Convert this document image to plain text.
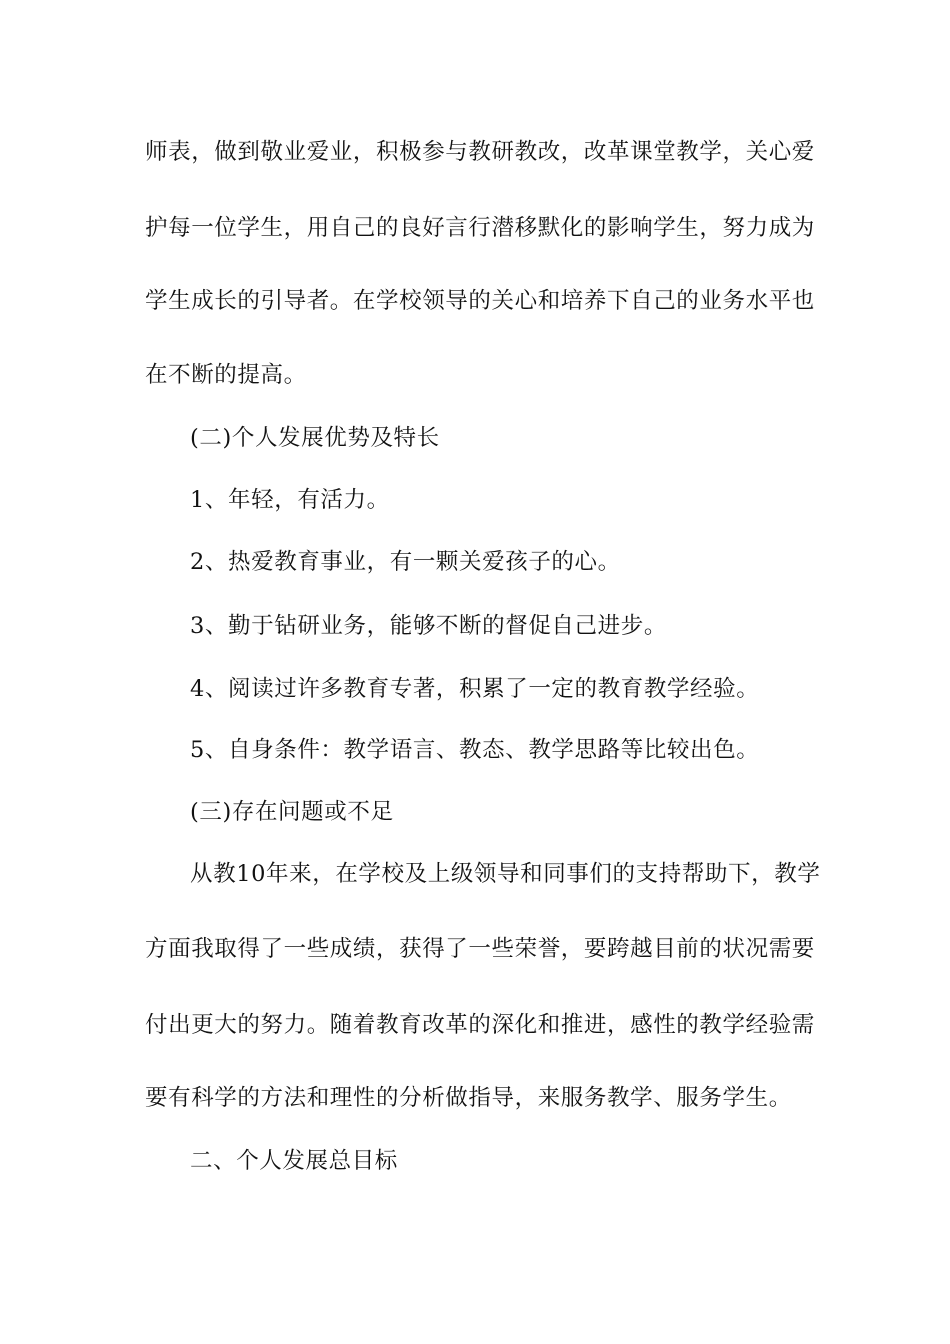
师表，做到敬业爱业，积极参与教研教改，改革课堂教学，关心爱
护每一位学生，用自己的良好言行潜移默化的影响学生，努力成为
学生成长的引导者。在学校领导的关心和培养下自己的业务水平也
在不断的提高。
(二)个人发展优势及特长
1、年轻，有活力。
2、热爱教育事业，有一颗关爱孩子的心。
3、勤于钻研业务，能够不断的督促自己进步。
4、阅读过许多教育专著，积累了一定的教育教学经验。
5、自身条件：教学语言、教态、教学思路等比较出色。
(三)存在问题或不足
从教10年来，在学校及上级领导和同事们的支持帮助下，教学
方面我取得了一些成绩，获得了一些荣誉，要跨越目前的状况需要
付出更大的努力。随着教育改革的深化和推进，感性的教学经验需
要有科学的方法和理性的分析做指导，来服务教学、服务学生。
二、个人发展总目标
